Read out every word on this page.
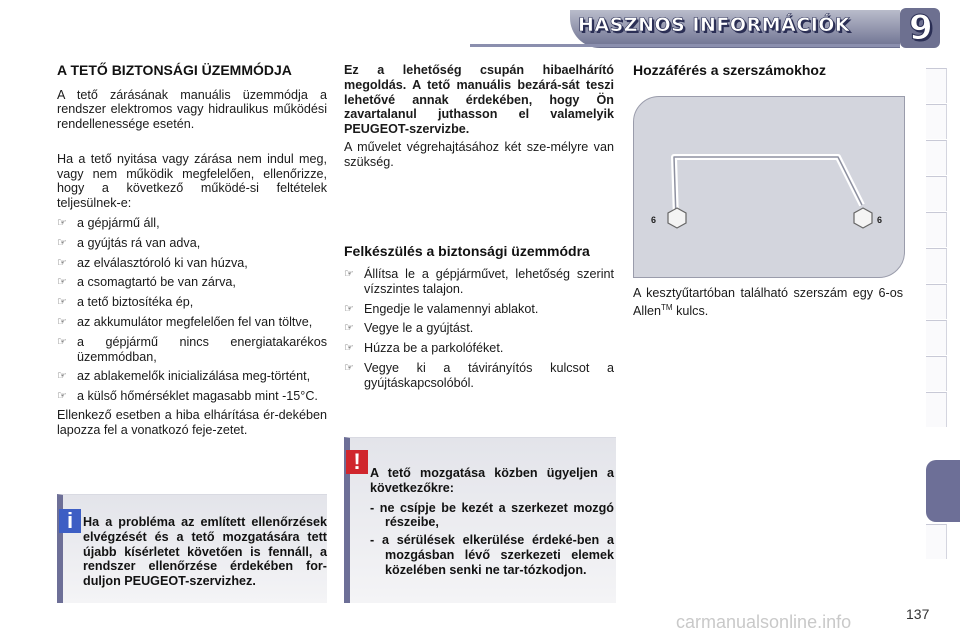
HASZNOS INFORMÁCIÓK 9
A TETŐ BIZTONSÁGI ÜZEMMÓDJA

A tető zárásának manuális üzemmódja a rendszer elektromos vagy hidraulikus működési rendellenessége esetén.

Ha a tető nyitása vagy zárása nem indul meg, vagy nem működik megfelelően, ellenőrizze, hogy a következő működé-si feltételek teljesülnek-e:

☞ a gépjármű áll,
☞ a gyújtás rá van adva,
☞ az elválasztóroló ki van húzva,
☞ a csomagtartó be van zárva,
☞ a tető biztosítéka ép,
☞ az akkumulátor megfelelően fel van töltve,
☞ a gépjármű nincs energiatakarékos üzemmódban,
☞ az ablakemelők inicializálása meg-történt,
☞ a külső hőmérséklet magasabb mint -15°C.

Ellenkező esetben a hiba elhárítása ér-dekében lapozza fel a vonatkozó feje-zetet.

i Ha a probléma az említett ellenőrzések elvégzését és a tető mozgatására tett újabb kísérletet követően is fennáll, a rendszer ellenőrzése érdekében for-duljon PEUGEOT-szervizhez.

Ez a lehetőség csupán hibaelhárító megoldás. A tető manuális bezárá-sát teszi lehetővé annak érdekében, hogy Ön zavartalanul juthasson el valamelyik PEUGEOT-szervizbe.

A művelet végrehajtásához két sze-mélyre van szükség.

Felkészülés a biztonsági üzemmódra
☞ Állítsa le a gépjárművet, lehetőség szerint vízszintes talajon.
☞ Engedje le valamennyi ablakot.
☞ Vegye le a gyújtást.
☞ Húzza be a parkolóféket.
☞ Vegye ki a távirányítós kulcsot a gyújtáskapcsolóból.
! A tető mozgatása közben ügyeljen a következőkre:
- ne csípje be kezét a szerkezet mozgó részeibe,
- a sérülések elkerülése érdeké-ben a mozgásban lévő szerkezeti elemek közelében senki ne tar-tózkodjon.
Hozzáférés a szerszámokhoz
6	6

A kesztyűtartóban található szerszám egy 6-os Allen™ kulcs.

137
carmanualsonline.info
